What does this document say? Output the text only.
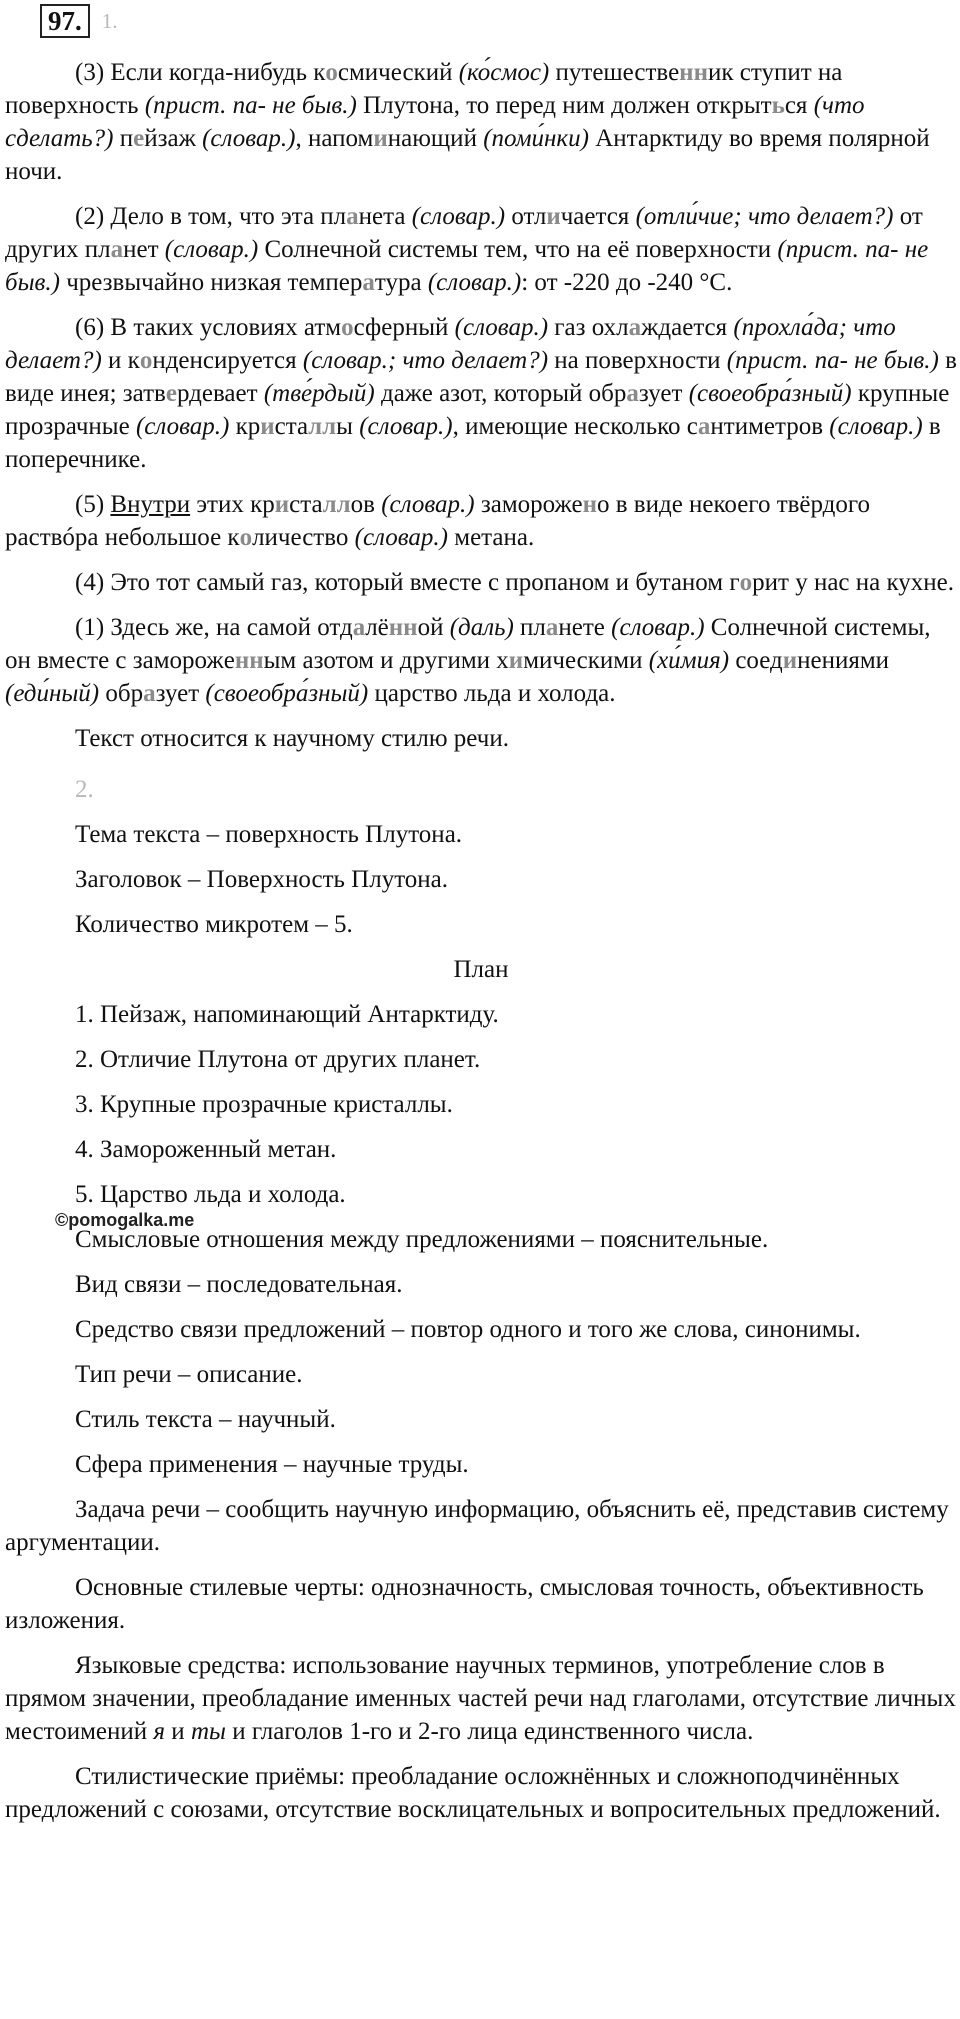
97. 1.

(3) Если когда-нибудь космический (ко́смос) путешественник ступит на поверхность (прист. па- не быв.) Плутона, то перед ним должен открыться (что сделать?) пейзаж (словар.), напоминающий (поми́нки) Антарктиду во время полярной ночи.

(2) Дело в том, что эта планета (словар.) отличается (отли́чие; что делает?) от других планет (словар.) Солнечной системы тем, что на её поверхности (прист. па- не быв.) чрезвычайно низкая температура (словар.): от -220 до -240 °С.

(6) В таких условиях атмосферный (словар.) газ охлаждается (прохла́да; что делает?) и конденсируется (словар.; что делает?) на поверхности (прист. па- не быв.) в виде инея; затвердевает (тве́рдый) даже азот, который образует (своеобра́зный) крупные прозрачные (словар.) кристаллы (словар.), имеющие несколько сантиметров (словар.) в поперечнике.

(5) Внутри этих кристаллов (словар.) заморожено в виде некоего твёрдого раствóра небольшое количество (словар.) метана.

(4) Это тот самый газ, который вместе с пропаном и бутаном горит у нас на кухне.

(1) Здесь же, на самой отдалённой (даль) планете (словар.) Солнечной системы, он вместе с заморожeнным азотом и другими химическими (хи́мия) соединениями (еди́ный) образует (своеобра́зный) царство льда и холода.

Текст относится к научному стилю речи.

2.

Тема текста – поверхность Плутона.

Заголовок – Поверхность Плутона.

Количество микротем – 5.

План

1. Пейзаж, напоминающий Антарктиду.

2. Отличие Плутона от других планет.

3. Крупные прозрачные кристаллы.

4. Замороженный метан.

5. Царство льда и холода.

Смысловые отношения между предложениями – пояснительные.

Вид связи – последовательная.

Средство связи предложений – повтор одного и того же слова, синонимы.

Тип речи – описание.

Стиль текста – научный.

Сфера применения – научные труды.

Задача речи – сообщить научную информацию, объяснить её, представив систему аргументации.

Основные стилевые черты: однозначность, смысловая точность, объективность изложения.

Языковые средства: использование научных терминов, употребление слов в прямом значении, преобладание именных частей речи над глаголами, отсутствие личных местоимений я и ты и глаголов 1-го и 2-го лица единственного числа.

Стилистические приёмы: преобладание осложнённых и сложноподчинённых предложений с союзами, отсутствие восклицательных и вопросительных предложений.

©pomogalka.me
